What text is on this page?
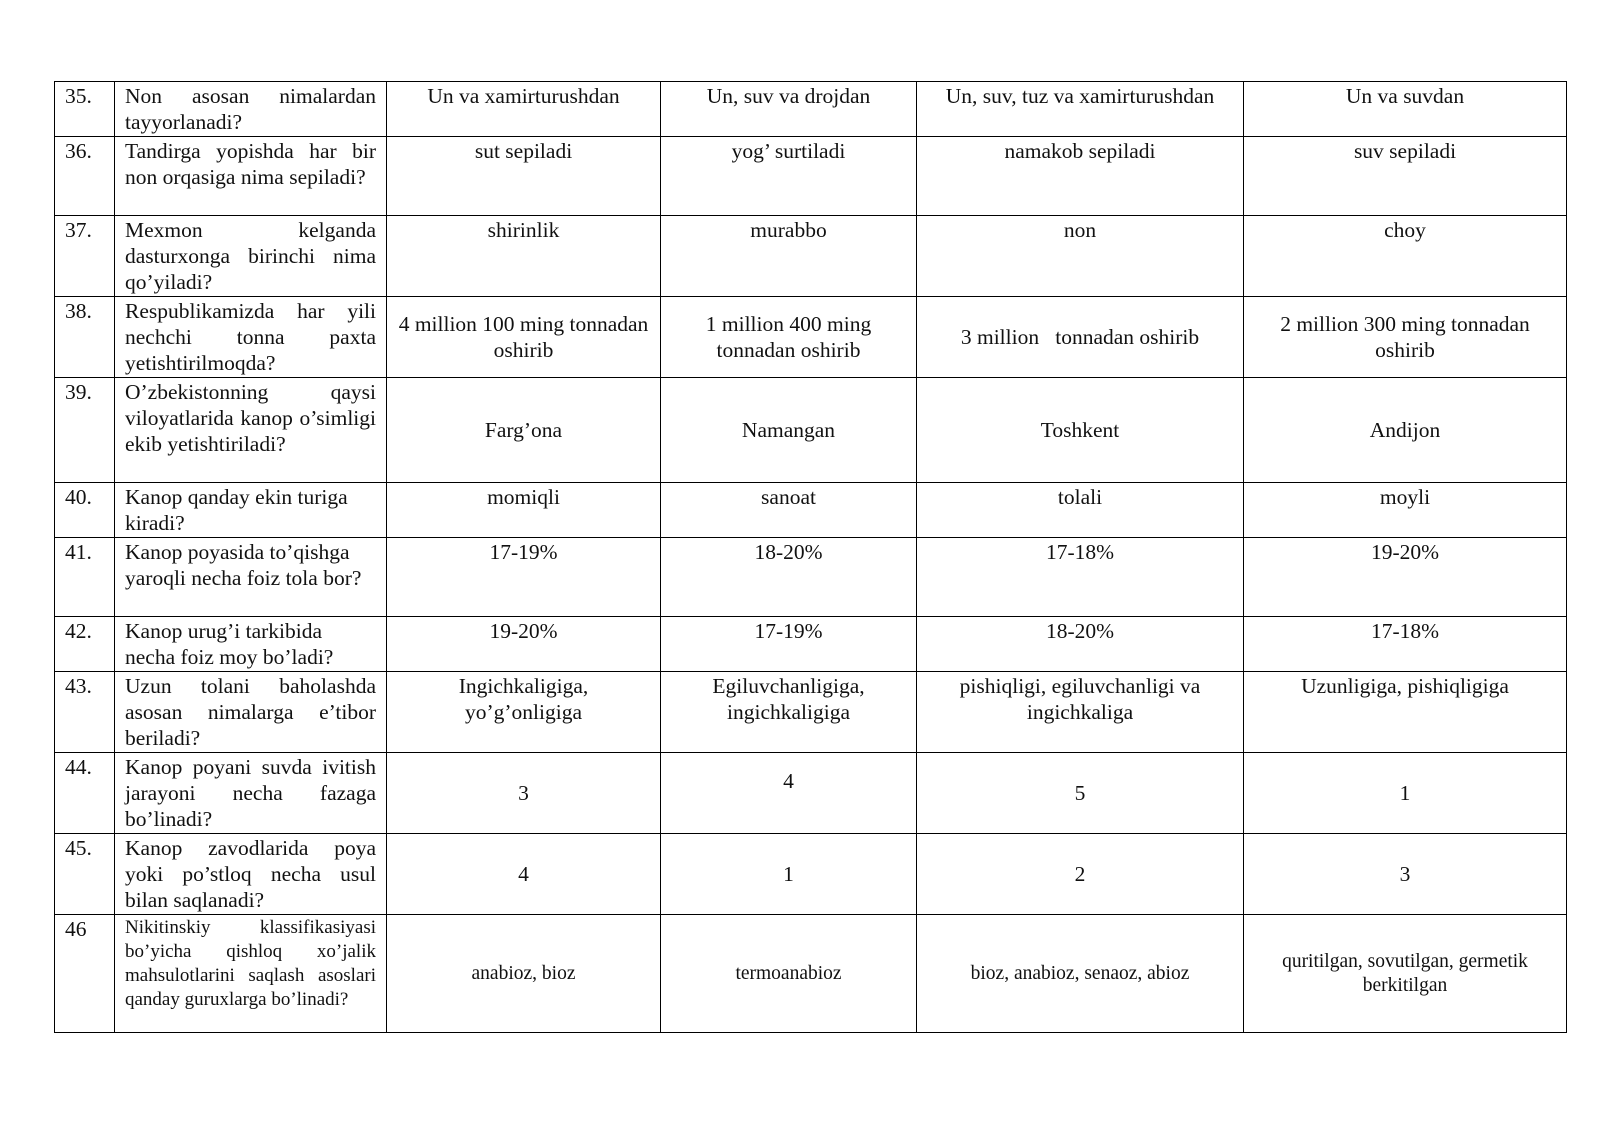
35.	Non asosan nimalardan tayyorlanadi?	Un va xamirturushdan	Un, suv va drojdan	Un, suv, tuz va xamirturushdan	Un va suvdan
36.	Tandirga yopishda har bir non orqasiga nima sepiladi?	sut sepiladi	yog’ surtiladi	namakob sepiladi	suv sepiladi
37.	Mexmon kelganda dasturxonga birinchi nima qo’yiladi?	shirinlik	murabbo	non	choy
38.	Respublikamizda har yili nechchi tonna paxta yetishtirilmoqda?	4 million 100 ming tonnadan oshirib	1 million 400 ming tonnadan oshirib	3 million   tonnadan oshirib	2 million 300 ming tonnadan oshirib
39.	O’zbekistonning qaysi viloyatlarida kanop o’simligi ekib yetishtiriladi?	Farg’ona	Namangan	Toshkent	Andijon
40.	Kanop qanday ekin turiga kiradi?	momiqli	sanoat	tolali	moyli
41.	Kanop poyasida to’qishga yaroqli necha foiz tola bor?	17-19%	18-20%	17-18%	19-20%
42.	Kanop urug’i tarkibida necha foiz moy bo’ladi?	19-20%	17-19%	18-20%	17-18%
43.	Uzun tolani baholashda asosan nimalarga e’tibor beriladi?	Ingichkaligiga, yo’g’onligiga	Egiluvchanligiga, ingichkaligiga	pishiqligi, egiluvchanligi va ingichkaliga	Uzunligiga, pishiqligiga
44.	Kanop poyani suvda ivitish jarayoni necha fazaga bo’linadi?	3	4	5	1
45.	Kanop zavodlarida poya yoki po’stloq necha usul bilan saqlanadi?	4	1	2	3
46	Nikitinskiy klassifikasiyasi bo’yicha qishloq xo’jalik mahsulotlarini saqlash asoslari qanday guruxlarga bo’linadi?	anabioz, bioz	termoanabioz	bioz, anabioz, senaoz, abioz	quritilgan, sovutilgan, germetik berkitilgan
